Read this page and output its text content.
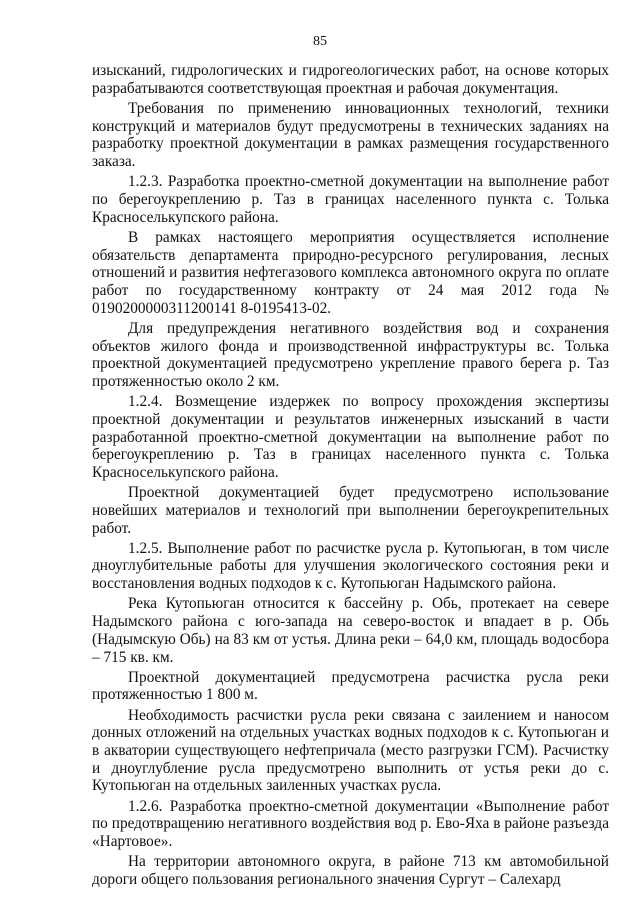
85

изысканий, гидрологических и гидрогеологических работ, на основе которых разрабатываются соответствующая проектная и рабочая документация.

Требования по применению инновационных технологий, техники конструкций и материалов будут предусмотрены в технических заданиях на разработку проектной документации в рамках размещения государственного заказа.

1.2.3. Разработка проектно-сметной документации на выполнение работ по берегоукреплению р. Таз в границах населенного пункта с. Толька Красноселькупского района.

В рамках настоящего мероприятия осуществляется исполнение обязательств департамента природно-ресурсного регулирования, лесных отношений и развития нефтегазового комплекса автономного округа по оплате работ по государственному контракту от 24 мая 2012 года № 0190200000311200141 8-0195413-02.

Для предупреждения негативного воздействия вод и сохранения объектов жилого фонда и производственной инфраструктуры вс. Толька проектной документацией предусмотрено укрепление правого берега р. Таз протяженностью около 2 км.

1.2.4. Возмещение издержек по вопросу прохождения экспертизы проектной документации и результатов инженерных изысканий в части разработанной проектно-сметной документации на выполнение работ по берегоукреплению р. Таз в границах населенного пункта с. Толька Красноселькупского района.

Проектной документацией будет предусмотрено использование новейших материалов и технологий при выполнении берегоукрепительных работ.

1.2.5. Выполнение работ по расчистке русла р. Кутопьюган, в том числе дноуглубительные работы для улучшения экологического состояния реки и восстановления водных подходов к с. Кутопьюган Надымского района.

Река Кутопьюган относится к бассейну р. Обь, протекает на севере Надымского района с юго-запада на северо-восток и впадает в р. Обь (Надымскую Обь) на 83 км от устья. Длина реки – 64,0 км, площадь водосбора – 715 кв. км.

Проектной документацией предусмотрена расчистка русла реки протяженностью 1 800 м.

Необходимость расчистки русла реки связана с заилением и наносом донных отложений на отдельных участках водных подходов к с. Кутопьюган и в акватории существующего нефтепричала (место разгрузки ГСМ). Расчистку и дноуглубление русла предусмотрено выполнить от устья реки до с. Кутопьюган на отдельных заиленных участках русла.

1.2.6. Разработка проектно-сметной документации «Выполнение работ по предотвращению негативного воздействия вод р. Ево-Яха в районе разъезда «Нартовое».

На территории автономного округа, в районе 713 км автомобильной дороги общего пользования регионального значения Сургут – Салехард
